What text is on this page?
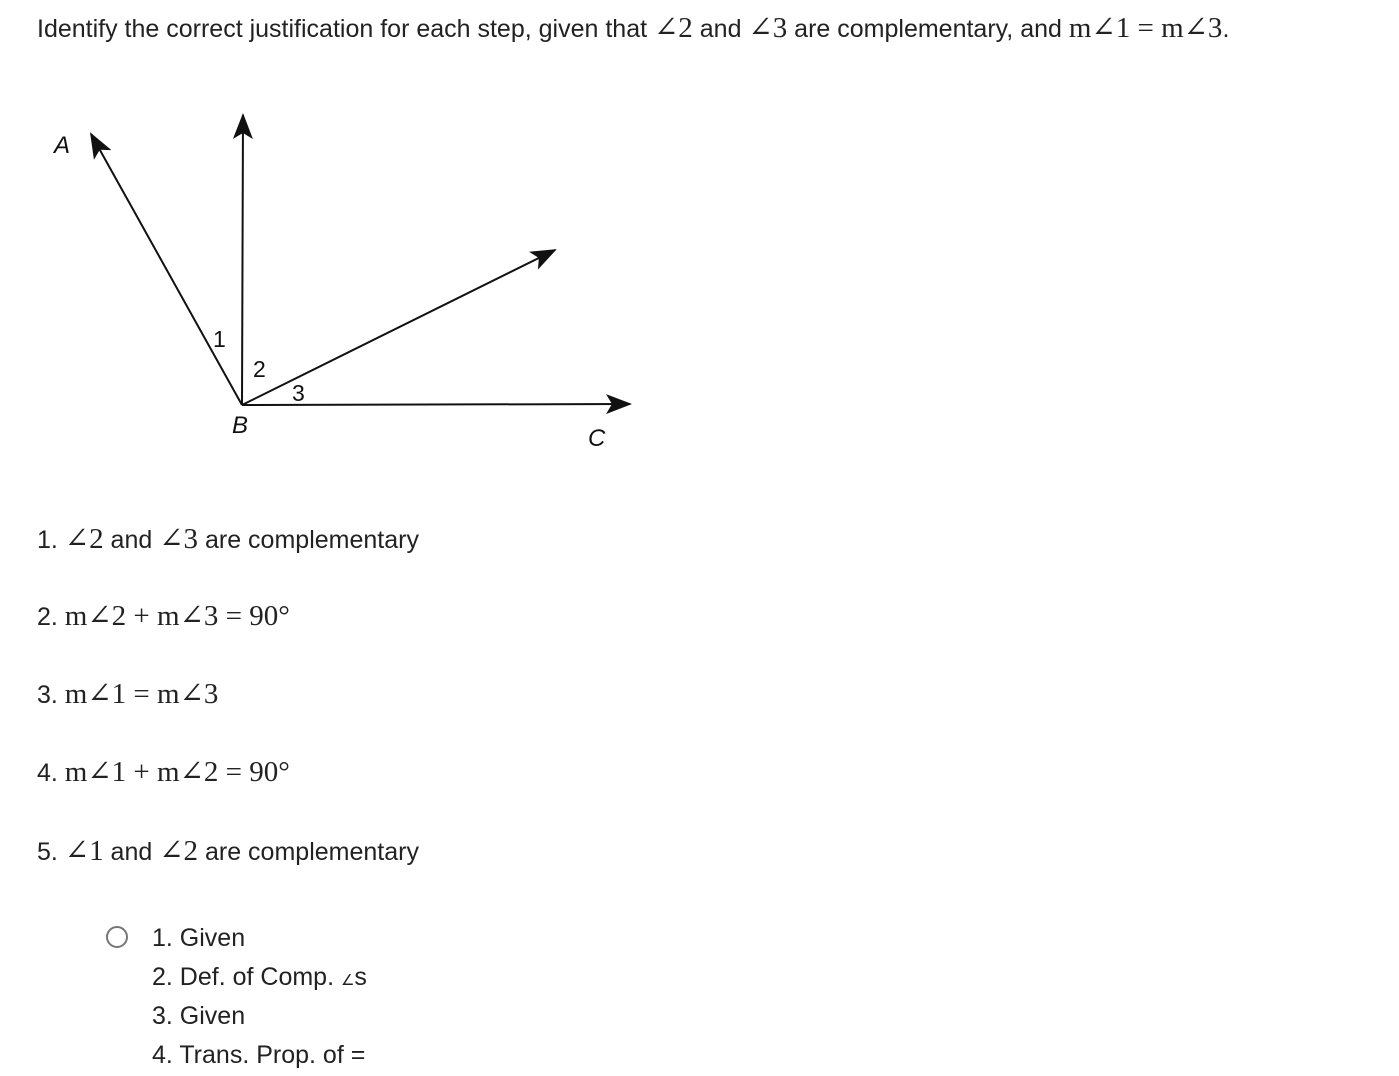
Identify the correct justification for each step, given that ∠2 and ∠3 are complementary, and m∠1 = m∠3.
A
B	C
1
2
3
1. ∠2 and ∠3 are complementary
2. m∠2 + m∠3 = 90°
3. m∠1 = m∠3
4. m∠1 + m∠2 = 90°
5. ∠1 and ∠2 are complementary
1. Given
2. Def. of Comp. ∠s
3. Given
4. Trans. Prop. of =
